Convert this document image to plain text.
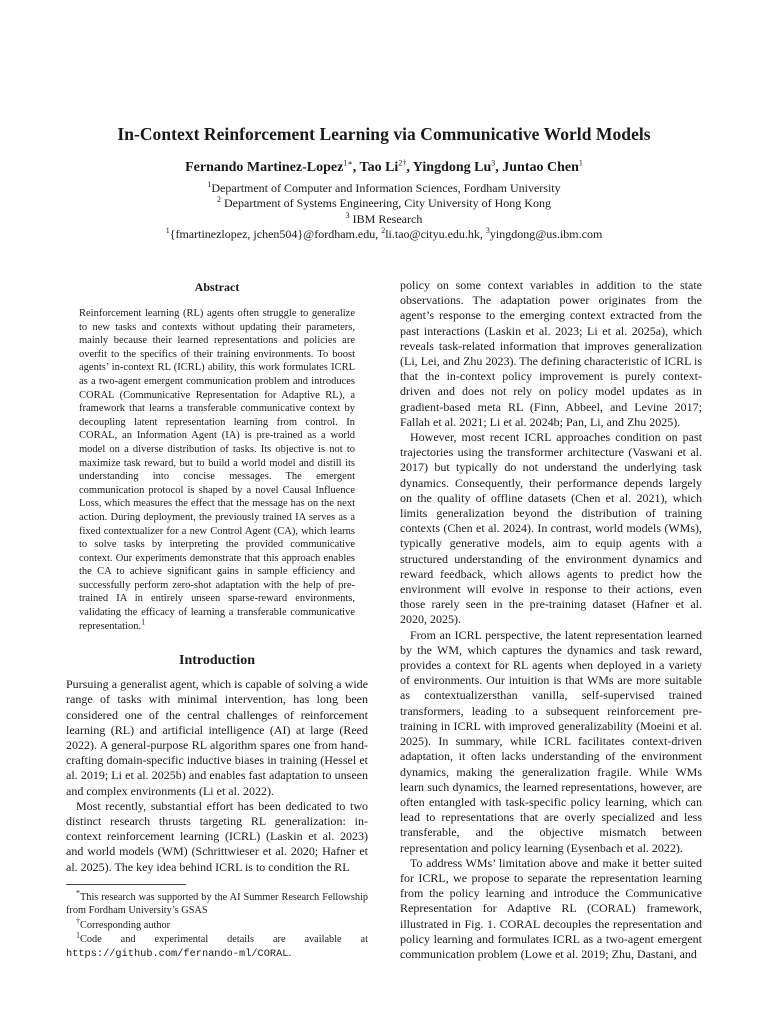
In-Context Reinforcement Learning via Communicative World Models
Fernando Martinez-Lopez$^{1∗}$, Tao $Li^{2\dagger}$, Yingdong Lu$^3$, Juntao Chen$^1$
$^1$Department of Computer and Information Sciences, Fordham University
$^2$ Department of Systems Engineering, City University of Hong Kong
$^3$ IBM Research
$^1${fmartinezlopez, jchen504}@fordham.edu, $^2$li.tao@cityu.edu.hk, $^3$yingdong@us.ibm.com
Abstract

Reinforcement learning (RL) agents often struggle to generalize to new tasks and contexts without updating their parameters, mainly because their learned representations and policies are overfit to the specifics of their training environments. To boost agents’ in-context RL (ICRL) ability, this work formulates ICRL as a two-agent emergent communication problem and introduces CORAL (Communicative Representation for Adaptive RL), a framework that learns a transferable communicative context by decoupling latent representation learning from control. In CORAL, an Information Agent (IA) is pre-trained as a world model on a diverse distribution of tasks. Its objective is not to maximize task reward, but to build a world model and distill its understanding into concise messages. The emergent communication protocol is shaped by a novel Causal Influence Loss, which measures the effect that the message has on the next action. During deployment, the previously trained IA serves as a fixed contextualizer for a new Control Agent (CA), which learns to solve tasks by interpreting the provided communicative context. Our experiments demonstrate that this approach enables the CA to achieve significant gains in sample efficiency and successfully perform zero-shot adaptation with the help of pre-trained IA in entirely unseen sparse-reward environments, validating the efficacy of learning a transferable communicative representation.$^1$

Introduction

Pursuing a generalist agent, which is capable of solving a wide range of tasks with minimal intervention, has long been considered one of the central challenges of reinforcement learning (RL) and artificial intelligence (AI) at large (Reed 2022). A general-purpose RL algorithm spares one from hand-crafting domain-specific inductive biases in training (Hessel et al. 2019; Li et al. 2025b) and enables fast adaptation to unseen and complex environments (Li et al. 2022).

Most recently, substantial effort has been dedicated to two distinct research thrusts targeting RL generalization: in-context reinforcement learning (ICRL) (Laskin et al. 2023) and world models (WM) (Schrittwieser et al. 2020; Hafner et al. 2025). The key idea behind ICRL is to condition the RL

*This research was supported by the AI Summer Research Fellowship from Fordham University’s GSAS

†Corresponding author

$^1$Code and experimental details are available at https://github.com/fernando-ml/CORAL.

policy on some context variables in addition to the state observations. The adaptation power originates from the agent’s response to the emerging context extracted from the past interactions (Laskin et al. 2023; Li et al. 2025a), which reveals task-related information that improves generalization (Li, Lei, and Zhu 2023). The defining characteristic of ICRL is that the in-context policy improvement is purely context-driven and does not rely on policy model updates as in gradient-based meta RL (Finn, Abbeel, and Levine 2017; Fallah et al. 2021; Li et al. 2024b; Pan, Li, and Zhu 2025).

However, most recent ICRL approaches condition on past trajectories using the transformer architecture (Vaswani et al. 2017) but typically do not understand the underlying task dynamics. Consequently, their performance depends largely on the quality of offline datasets (Chen et al. 2021), which limits generalization beyond the distribution of training contexts (Chen et al. 2024). In contrast, world models (WMs), typically generative models, aim to equip agents with a structured understanding of the environment dynamics and reward feedback, which allows agents to predict how the environment will evolve in response to their actions, even those rarely seen in the pre-training dataset (Hafner et al. 2020, 2025).

From an ICRL perspective, the latent representation learned by the WM, which captures the dynamics and task reward, provides a context for RL agents when deployed in a variety of environments. Our intuition is that WMs are more suitable as contextualizersthan vanilla, self-supervised trained transformers, leading to a subsequent reinforcement pre-training in ICRL with improved generalizability (Moeini et al. 2025). In summary, while ICRL facilitates context-driven adaptation, it often lacks understanding of the environment dynamics, making the generalization fragile. While WMs learn such dynamics, the learned representations, however, are often entangled with task-specific policy learning, which can lead to representations that are overly specialized and less transferable, and the objective mismatch between representation and policy learning (Eysenbach et al. 2022).

To address WMs’ limitation above and make it better suited for ICRL, we propose to separate the representation learning from the policy learning and introduce the Communicative Representation for Adaptive RL (CORAL) framework, illustrated in Fig. 1. CORAL decouples the representation and policy learning and formulates ICRL as a two-agent emergent communication problem (Lowe et al. 2019; Zhu, Dastani, and
